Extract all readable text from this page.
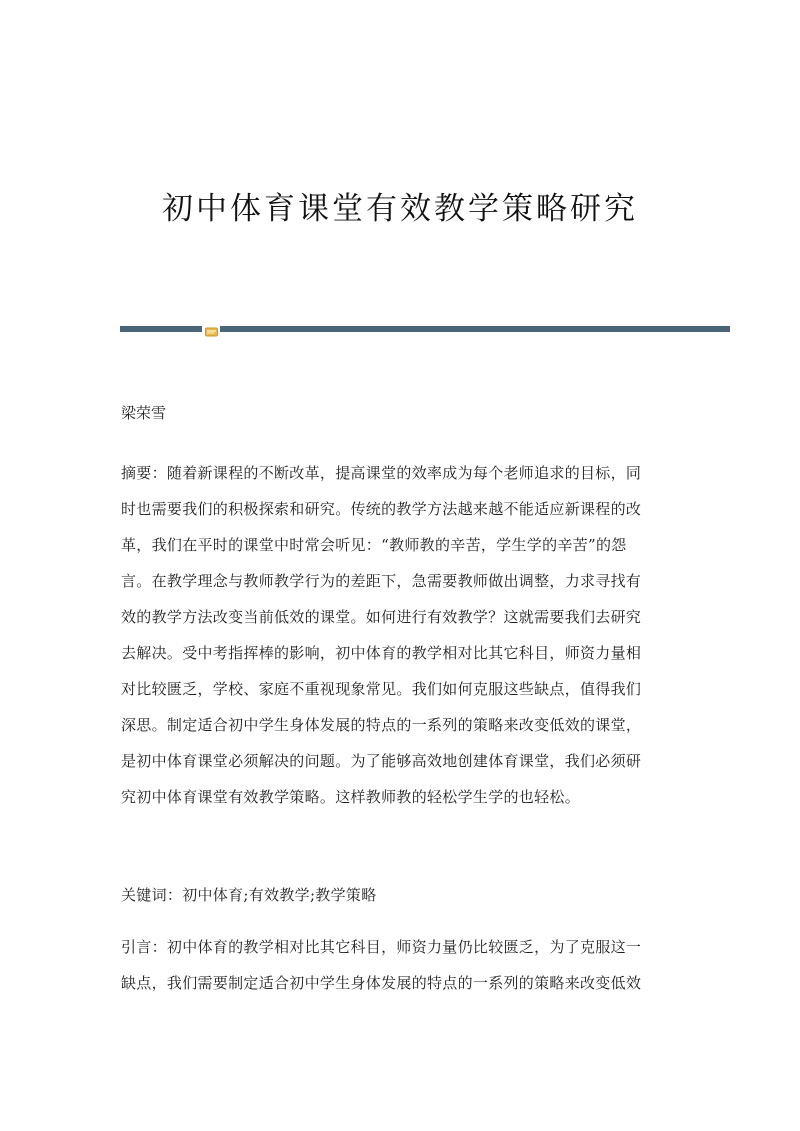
初中体育课堂有效教学策略研究
梁荣雪
摘要：随着新课程的不断改革，提高课堂的效率成为每个老师追求的目标，同
时也需要我们的积极探索和研究。传统的教学方法越来越不能适应新课程的改
革，我们在平时的课堂中时常会听见：“教师教的辛苦，学生学的辛苦”的怨
言。在教学理念与教师教学行为的差距下，急需要教师做出调整，力求寻找有
效的教学方法改变当前低效的课堂。如何进行有效教学？这就需要我们去研究
去解决。受中考指挥棒的影响，初中体育的教学相对比其它科目，师资力量相
对比较匮乏，学校、家庭不重视现象常见。我们如何克服这些缺点，值得我们
深思。制定适合初中学生身体发展的特点的一系列的策略来改变低效的课堂，
是初中体育课堂必须解决的问题。为了能够高效地创建体育课堂，我们必须研
究初中体育课堂有效教学策略。这样教师教的轻松学生学的也轻松。
关键词：初中体育;有效教学;教学策略
引言：初中体育的教学相对比其它科目，师资力量仍比较匮乏，为了克服这一
缺点，我们需要制定适合初中学生身体发展的特点的一系列的策略来改变低效
